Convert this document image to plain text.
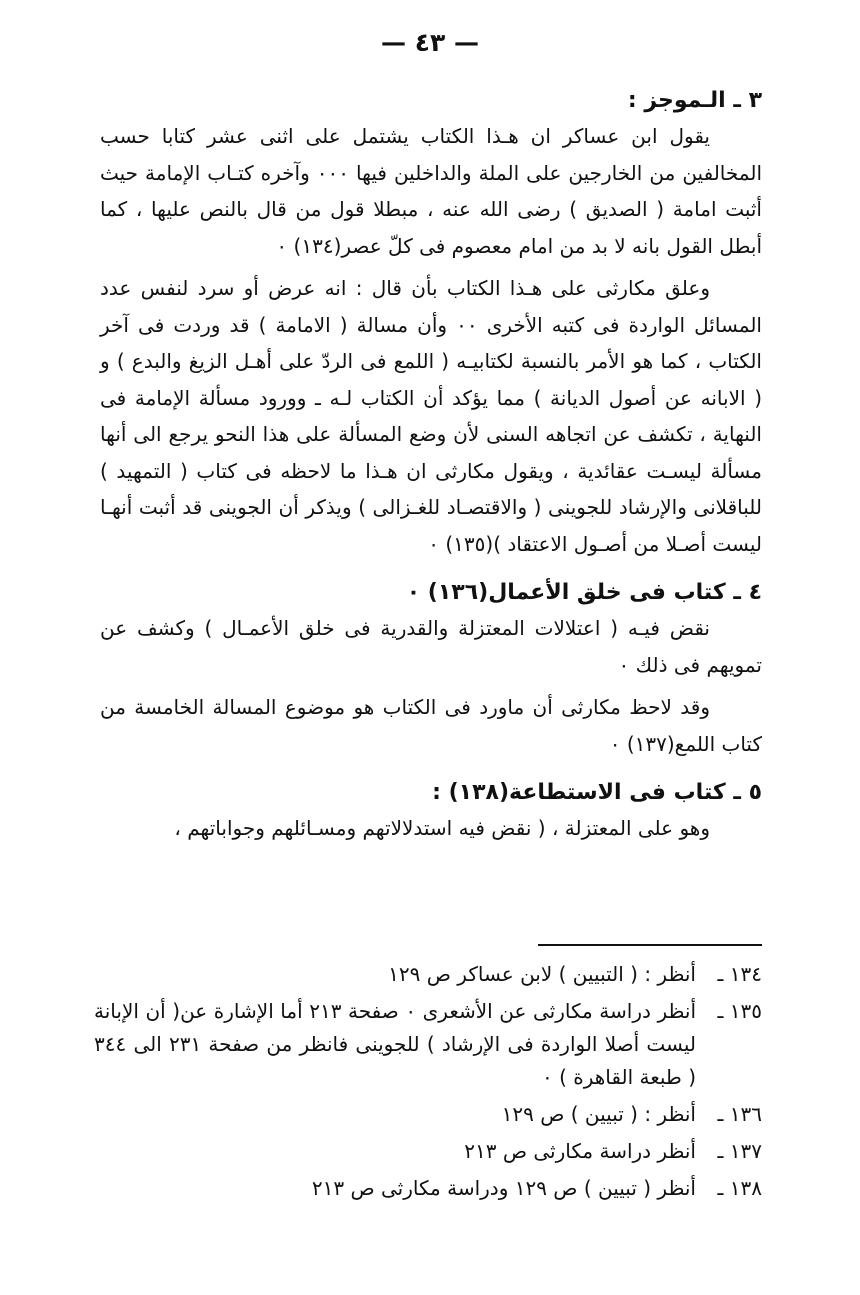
— ٤٣ —
٣ ـ الـموجز :

يقول ابن عساكر ان هـذا الكتاب يشتمل على اثنى عشر كتابا حسب المخالفين من الخارجين على الملة والداخلين فيها ٠٠٠ وآخره كتـاب الإمامة حيث أثبت امامة ( الصديق ) رضى الله عنه ، مبطلا قول من قال بالنص عليها ، كما أبطل القول بانه لا بد من امام معصوم فى كلّ عصر(١٣٤) ٠

وعلق مكارثى على هـذا الكتاب بأن قال : انه عرض أو سرد لنفس عدد المسائل الواردة فى كتبه الأخرى ٠٠ وأن مسالة ( الامامة ) قد وردت فى آخر الكتاب ، كما هو الأمر بالنسبة لكتابيـه ( اللمع فى الردّ على أهـل الزيغ والبدع ) و ( الابانه عن أصول الديانة ) مما يؤكد أن الكتاب لـه ـ وورود مسألة الإمامة فى النهاية ، تكشف عن اتجاهه السنى لأن وضع المسألة على هذا النحو يرجع الى أنها مسألة ليسـت عقائدية ، ويقول مكارثى ان هـذا ما لاحظه فى كتاب ( التمهيد ) للباقلانى والإرشاد للجوينى ( والاقتصـاد للغـزالى ) ويذكر أن الجوينى قد أثبت أنهـا ليست أصـلا من أصـول الاعتقاد )(١٣٥) ٠

٤ ـ كتاب فى خلق الأعمال(١٣٦) ٠

نقض فيـه ( اعتلالات المعتزلة والقدرية فى خلق الأعمـال ) وكشف عن تمويهم فى ذلك ٠

وقد لاحظ مكارثى أن ماورد فى الكتاب هو موضوع المسالة الخامسة من كتاب اللمع(١٣٧) ٠

٥ ـ كتاب فى الاستطاعة(١٣٨) :

وهو على المعتزلة ، ( نقض فيه استدلالاتهم ومسـائلهم وجواباتهم ،

١٣٤ ـ
أنظر : ( التبيين ) لابن عساكر ص ١٢٩
١٣٥ ـ
أنظر دراسة مكارثى عن الأشعرى ٠ صفحة ٢١٣ أما الإشارة عن( أن الإبانة ليست أصلا الواردة فى الإرشاد ) للجوينى فانظر من صفحة ٢٣١ الى ٣٤٤ ( طبعة القاهرة ) ٠
١٣٦ ـ
أنظر : ( تبيين ) ص ١٢٩
١٣٧ ـ
أنظر دراسة مكارثى ص ٢١٣
١٣٨ ـ
أنظر ( تبيين ) ص ١٢٩ ودراسة مكارثى ص ٢١٣
